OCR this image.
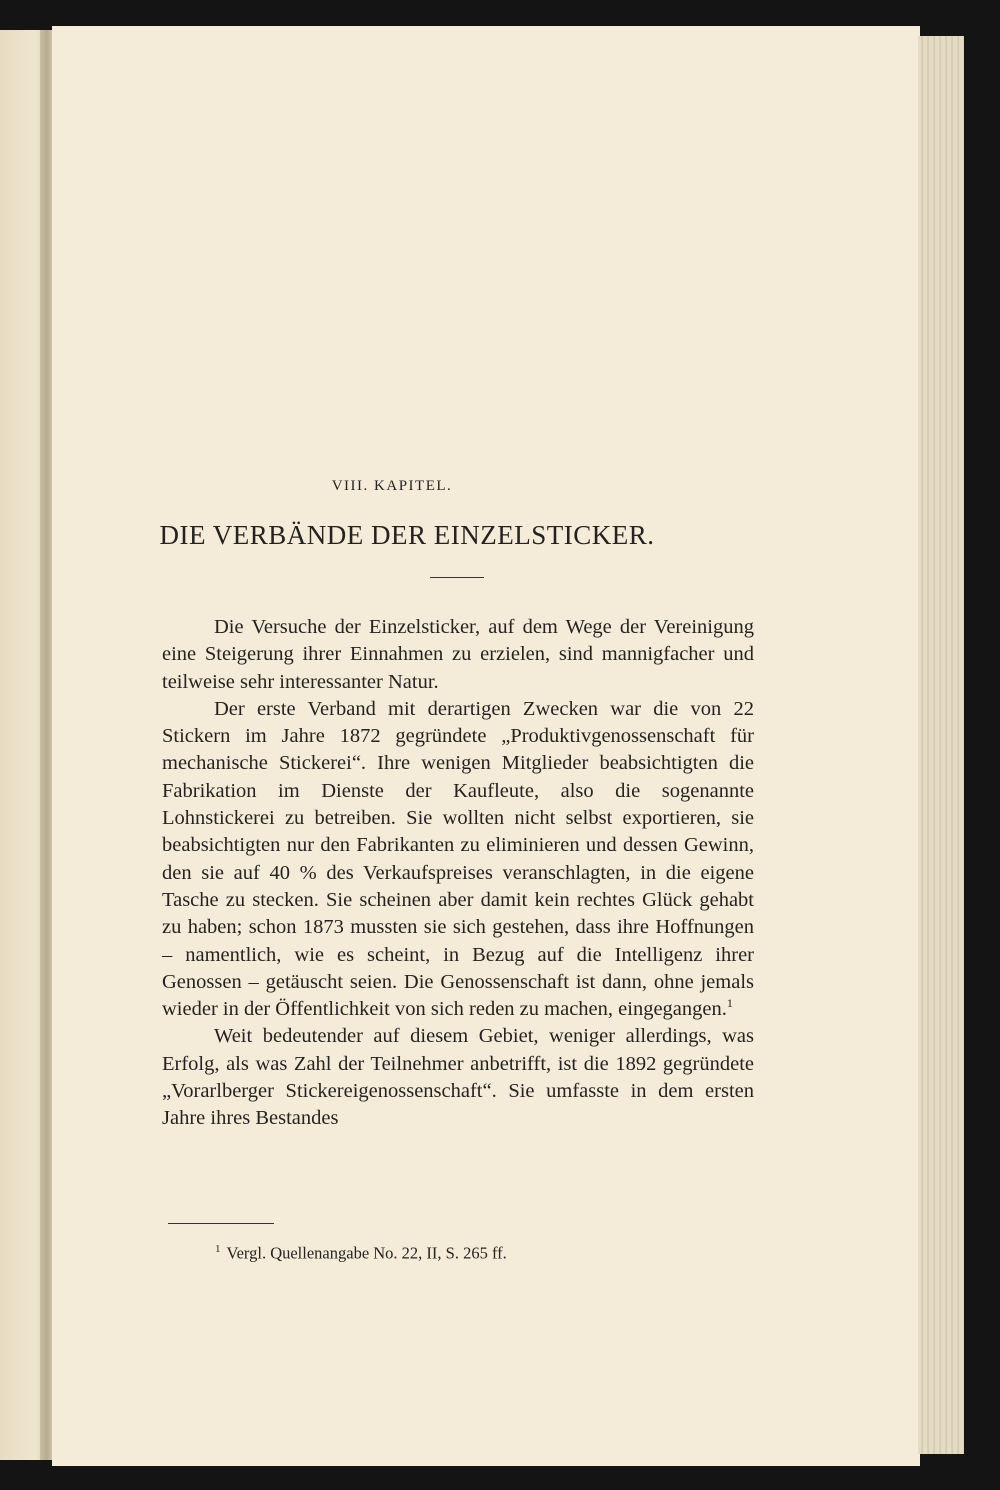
VIII. KAPITEL.
DIE VERBÄNDE DER EINZELSTICKER.

Die Versuche der Einzelsticker, auf dem Wege der Vereinigung eine Steigerung ihrer Einnahmen zu erzielen, sind mannigfacher und teilweise sehr interessanter Natur.

Der erste Verband mit derartigen Zwecken war die von 22 Stickern im Jahre 1872 gegründete „Produktivgenossenschaft für mechanische Stickerei“. Ihre wenigen Mitglieder beabsichtigten die Fabrikation im Dienste der Kaufleute, also die sogenannte Lohnstickerei zu betreiben. Sie wollten nicht selbst exportieren, sie beabsichtigten nur den Fabrikanten zu eliminieren und dessen Gewinn, den sie auf 40 % des Verkaufspreises veranschlagten, in die eigene Tasche zu stecken. Sie scheinen aber damit kein rechtes Glück gehabt zu haben; schon 1873 mussten sie sich gestehen, dass ihre Hoffnungen – namentlich, wie es scheint, in Bezug auf die Intelligenz ihrer Genossen – getäuscht seien. Die Genossenschaft ist dann, ohne jemals wieder in der Öffentlichkeit von sich reden zu machen, eingegangen.$^1$

Weit bedeutender auf diesem Gebiet, weniger allerdings, was Erfolg, als was Zahl der Teilnehmer anbetrifft, ist die 1892 gegründete „Vorarlberger Stickereigenossenschaft“. Sie umfasste in dem ersten Jahre ihres Bestandes

$^1$ Vergl. Quellenangabe No. 22, II, S. 265 ff.
